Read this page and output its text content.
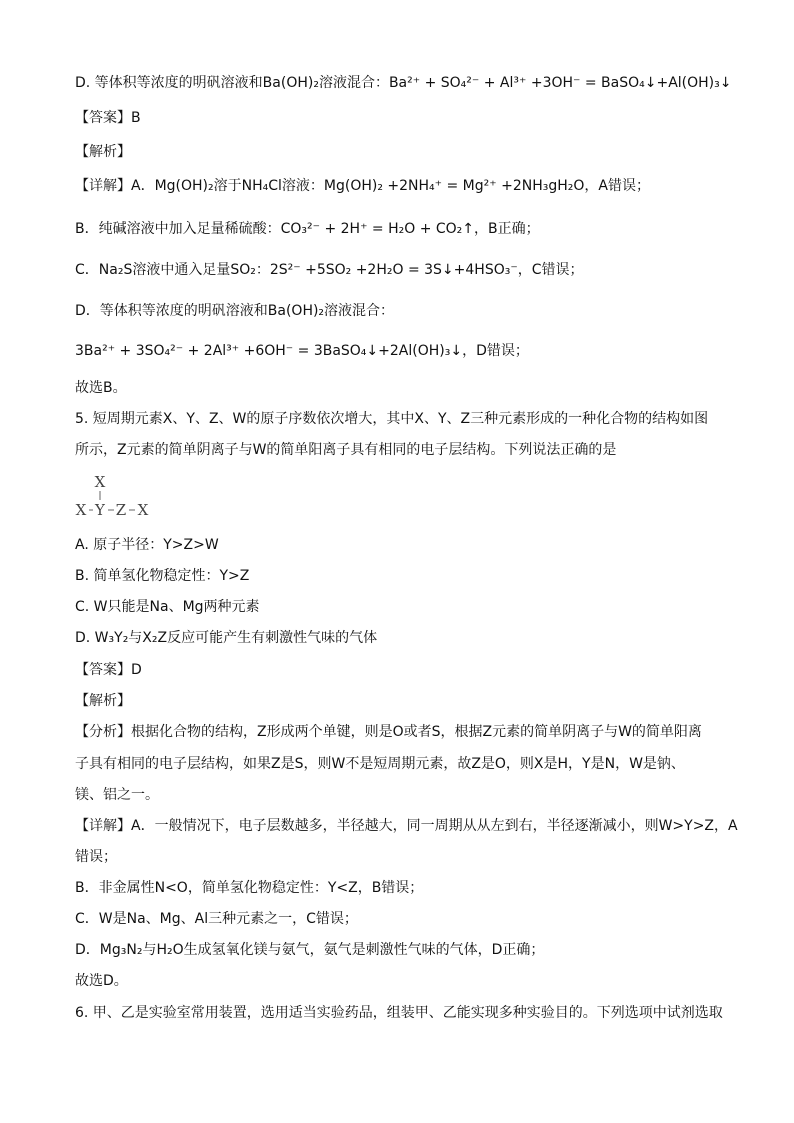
D. 等体积等浓度的明矾溶液和Ba(OH)₂溶液混合：Ba²⁺ + SO₄²⁻ + Al³⁺ +3OH⁻ = BaSO₄↓+Al(OH)₃↓
【答案】B
【解析】
【详解】A．Mg(OH)₂溶于NH₄Cl溶液：Mg(OH)₂ +2NH₄⁺ = Mg²⁺ +2NH₃gH₂O，A错误；
B．纯碱溶液中加入足量稀硫酸：CO₃²⁻ + 2H⁺ = H₂O + CO₂↑，B正确；
C．Na₂S溶液中通入足量SO₂：2S²⁻ +5SO₂ +2H₂O = 3S↓+4HSO₃⁻，C错误；
D．等体积等浓度的明矾溶液和Ba(OH)₂溶液混合：
3Ba²⁺ + 3SO₄²⁻ + 2Al³⁺ +6OH⁻ = 3BaSO₄↓+2Al(OH)₃↓，D错误；
故选B。
5. 短周期元素X、Y、Z、W的原子序数依次增大，其中X、Y、Z三种元素形成的一种化合物的结构如图
所示，Z元素的简单阴离子与W的简单阳离子具有相同的电子层结构。下列说法正确的是
X
X Y Z X
A. 原子半径：Y>Z>W
B. 简单氢化物稳定性：Y>Z
C. W只能是Na、Mg两种元素
D. W₃Y₂与X₂Z反应可能产生有刺激性气味的气体
【答案】D
【解析】
【分析】根据化合物的结构，Z形成两个单键，则是O或者S，根据Z元素的简单阴离子与W的简单阳离
子具有相同的电子层结构，如果Z是S，则W不是短周期元素，故Z是O，则X是H，Y是N，W是钠、
镁、铝之一。
【详解】A．一般情况下，电子层数越多，半径越大，同一周期从从左到右，半径逐渐减小，则W>Y>Z，A
错误；
B．非金属性N<O，简单氢化物稳定性：Y<Z，B错误；
C．W是Na、Mg、Al三种元素之一，C错误；
D．Mg₃N₂与H₂O生成氢氧化镁与氨气，氨气是刺激性气味的气体，D正确；
故选D。
6. 甲、乙是实验室常用装置，选用适当实验药品，组装甲、乙能实现多种实验目的。下列选项中试剂选取
